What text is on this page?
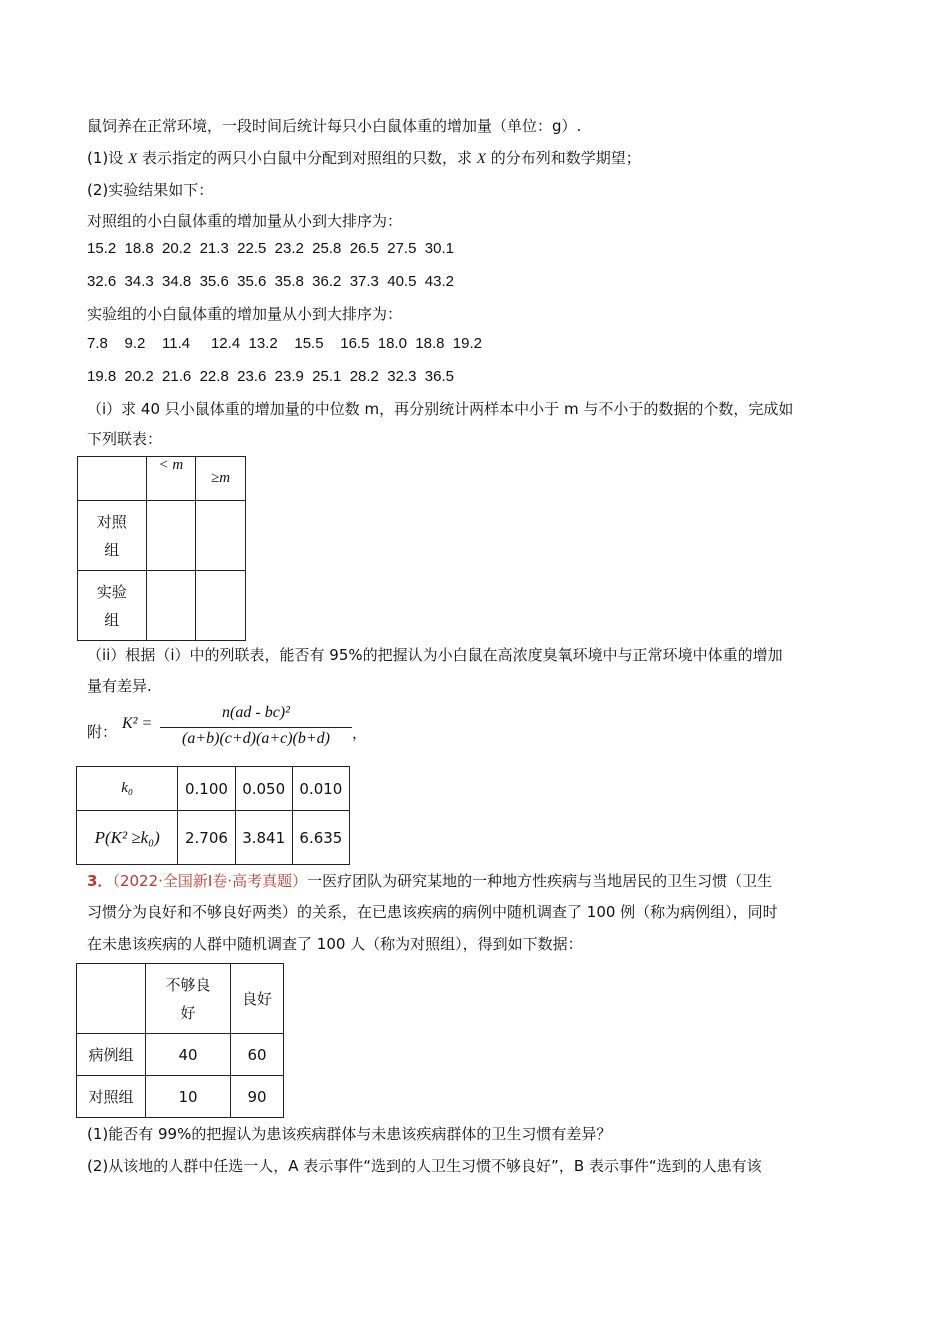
鼠饲养在正常环境，一段时间后统计每只小白鼠体重的增加量（单位：g）.
(1)设 X 表示指定的两只小白鼠中分配到对照组的只数，求 X 的分布列和数学期望；
(2)实验结果如下：
对照组的小白鼠体重的增加量从小到大排序为：
15.2  18.8  20.2  21.3  22.5  23.2  25.8  26.5  27.5  30.1
32.6  34.3  34.8  35.6  35.6  35.8  36.2  37.3  40.5  43.2
实验组的小白鼠体重的增加量从小到大排序为：
7.8    9.2    11.4     12.4  13.2    15.5    16.5  18.0  18.8  19.2
19.8  20.2  21.6  22.8  23.6  23.9  25.1  28.2  32.3  36.5
（i）求 40 只小鼠体重的增加量的中位数 m，再分别统计两样本中小于 m 与不小于的数据的个数，完成如
下列联表：
	< m	≥m

对照
组		

实验
组		

（ii）根据（i）中的列联表，能否有 95%的把握认为小白鼠在高浓度臭氧环境中与正常环境中体重的增加
量有差异.
附： K² =
n(ad - bc)²
(a+b)(c+d)(a+c)(b+d)	，
k₀	0.100	0.050	0.010
P(K² ≥k₀)	2.706	3.841	6.635
3．（2022·全国新Ⅰ卷·高考真题）一医疗团队为研究某地的一种地方性疾病与当地居民的卫生习惯（卫生
习惯分为良好和不够良好两类）的关系，在已患该疾病的病例中随机调查了 100 例（称为病例组），同时
在未患该疾病的人群中随机调查了 100 人（称为对照组），得到如下数据：

	不够良
好	良好
病例组	40	60
对照组	10	90
(1)能否有 99%的把握认为患该疾病群体与未患该疾病群体的卫生习惯有差异？
(2)从该地的人群中任选一人，A 表示事件“选到的人卫生习惯不够良好”，B 表示事件“选到的人患有该
